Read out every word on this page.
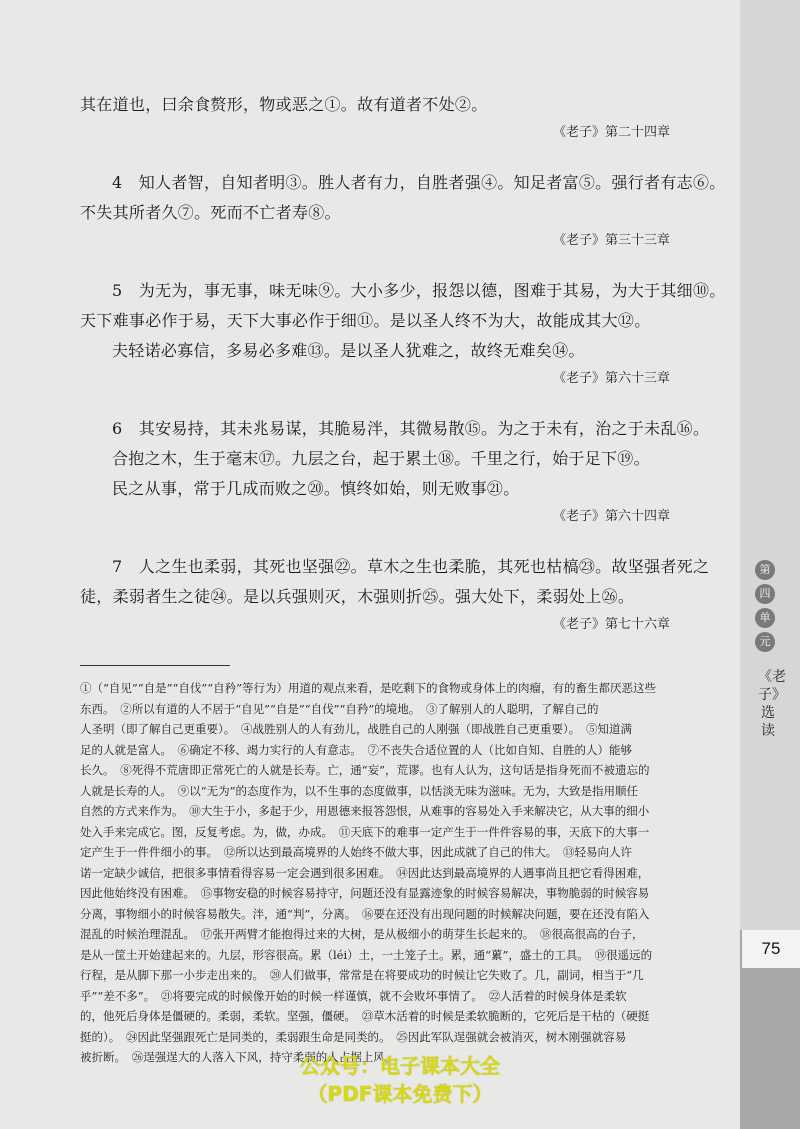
其在道也，曰余食赘形，物或恶之①。故有道者不处②。
《老子》第二十四章
4　知人者智，自知者明③。胜人者有力，自胜者强④。知足者富⑤。强行者有志⑥。
不失其所者久⑦。死而不亡者寿⑧。
《老子》第三十三章
5　为无为，事无事，味无味⑨。大小多少，报怨以德，图难于其易，为大于其细⑩。
天下难事必作于易，天下大事必作于细⑪。是以圣人终不为大，故能成其大⑫。
夫轻诺必寡信，多易必多难⑬。是以圣人犹难之，故终无难矣⑭。
《老子》第六十三章
6　其安易持，其未兆易谋，其脆易泮，其微易散⑮。为之于未有，治之于未乱⑯。
合抱之木，生于毫末⑰。九层之台，起于累土⑱。千里之行，始于足下⑲。
民之从事，常于几成而败之⑳。慎终如始，则无败事㉑。
《老子》第六十四章
7　人之生也柔弱，其死也坚强㉒。草木之生也柔脆，其死也枯槁㉓。故坚强者死之
徒，柔弱者生之徒㉔。是以兵强则灭，木强则折㉕。强大处下，柔弱处上㉖。
《老子》第七十六章

①（“自见”“自是”“自伐”“自矜”等行为）用道的观点来看，是吃剩下的食物或身体上的肉瘤，有的畜生都厌恶这些

东西。　②所以有道的人不居于“自见”“自是”“自伐”“自矜”的境地。　③了解别人的人聪明，了解自己的

人圣明（即了解自己更重要）。　④战胜别人的人有劲儿，战胜自己的人刚强（即战胜自己更重要）。　⑤知道满

足的人就是富人。　⑥确定不移、竭力实行的人有意志。　⑦不丧失合适位置的人（比如自知、自胜的人）能够

长久。　⑧死得不荒唐即正常死亡的人就是长寿。亡，通“妄”，荒谬。也有人认为，这句话是指身死而不被遗忘的

人就是长寿的人。　⑨以“无为”的态度作为，以不生事的态度做事，以恬淡无味为滋味。无为，大致是指用顺任

自然的方式来作为。　⑩大生于小，多起于少，用恩德来报答怨恨，从难事的容易处入手来解决它，从大事的细小

处入手来完成它。图，反复考虑。为，做，办成。　⑪天底下的难事一定产生于一件件容易的事，天底下的大事一

定产生于一件件细小的事。　⑫所以达到最高境界的人始终不做大事，因此成就了自己的伟大。　⑬轻易向人许

诺一定缺少诚信，把很多事情看得容易一定会遇到很多困难。　⑭因此达到最高境界的人遇事尚且把它看得困难，

因此他始终没有困难。　⑮事物安稳的时候容易持守，问题还没有显露迹象的时候容易解决，事物脆弱的时候容易

分离，事物细小的时候容易散失。泮，通“判”，分离。　⑯要在还没有出现问题的时候解决问题，要在还没有陷入

混乱的时候治理混乱。　⑰张开两臂才能抱得过来的大树，是从极细小的萌芽生长起来的。　⑱很高很高的台子，

是从一筐土开始建起来的。九层，形容很高。累（léi）土，一土笼子土。累，通“蔂”，盛土的工具。　⑲很遥远的

行程，是从脚下那一小步走出来的。　⑳人们做事，常常是在将要成功的时候让它失败了。几，副词，相当于“几

乎”“差不多”。　㉑将要完成的时候像开始的时候一样谨慎，就不会败坏事情了。　㉒人活着的时候身体是柔软

的，他死后身体是僵硬的。柔弱，柔软。坚强，僵硬。　㉓草木活着的时候是柔软脆断的，它死后是干枯的（硬挺

挺的）。　㉔因此坚强跟死亡是同类的，柔弱跟生命是同类的。　㉕因此军队逞强就会被消灭，树木刚强就容易

被折断。　㉖逞强逞大的人落入下风，持守柔弱的人占据上风。

第
四
单
元
《老子》选读
75
公众号：电子课本大全
（PDF课本免费下）
